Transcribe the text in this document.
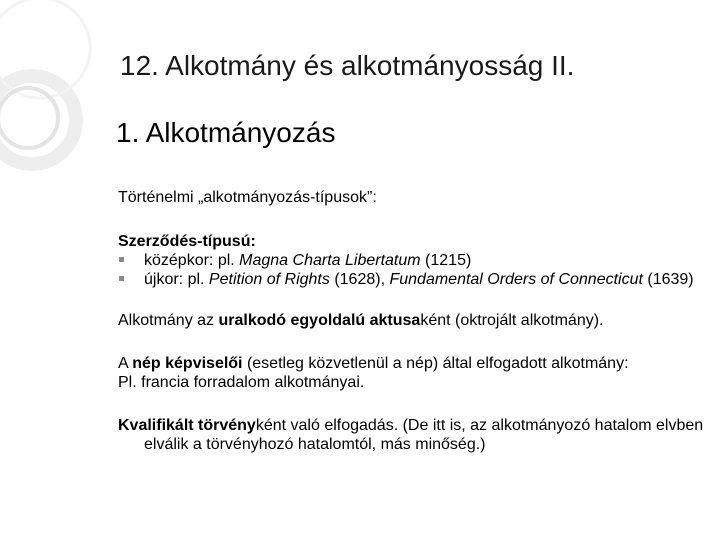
12. Alkotmány és alkotmányosság II.
1. Alkotmányozás

Történelmi „alkotmányozás-típusok”:

Szerződés-típusú:

középkor: pl. Magna Charta Libertatum (1215)
újkor: pl. Petition of Rights (1628), Fundamental Orders of Connecticut (1639)

Alkotmány az uralkodó egyoldalú aktusaként (oktrojált alkotmány).

A nép képviselői (esetleg közvetlenül a nép) által elfogadott alkotmány:

Pl. francia forradalom alkotmányai.

Kvalifikált törvényként való elfogadás. (De itt is, az alkotmányozó hatalom elvben elválik a törvényhozó hatalomtól, más minőség.)
